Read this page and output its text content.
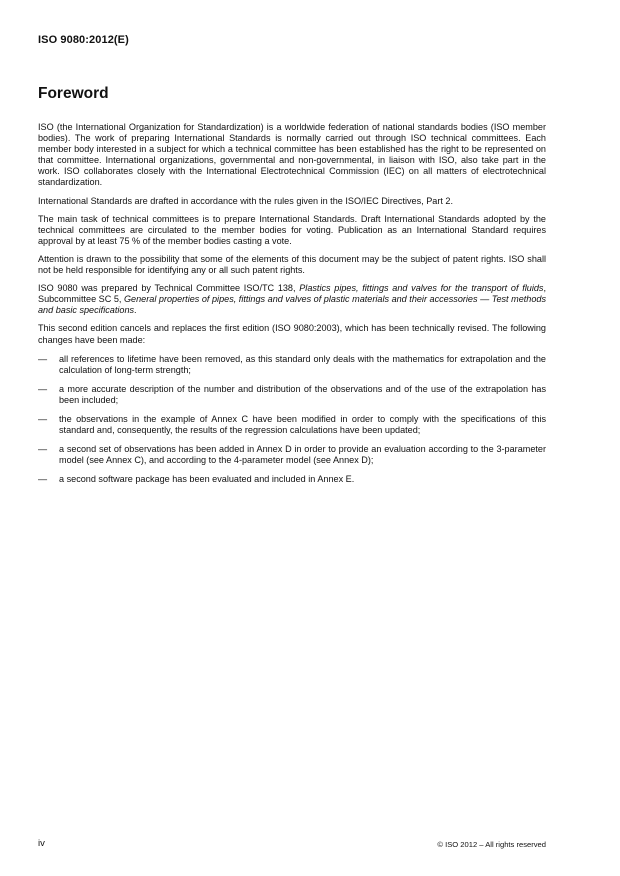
ISO 9080:2012(E)
Foreword

ISO (the International Organization for Standardization) is a worldwide federation of national standards bodies (ISO member bodies). The work of preparing International Standards is normally carried out through ISO technical committees. Each member body interested in a subject for which a technical committee has been established has the right to be represented on that committee. International organizations, governmental and non-governmental, in liaison with ISO, also take part in the work. ISO collaborates closely with the International Electrotechnical Commission (IEC) on all matters of electrotechnical standardization.

International Standards are drafted in accordance with the rules given in the ISO/IEC Directives, Part 2.

The main task of technical committees is to prepare International Standards. Draft International Standards adopted by the technical committees are circulated to the member bodies for voting. Publication as an International Standard requires approval by at least 75 % of the member bodies casting a vote.

Attention is drawn to the possibility that some of the elements of this document may be the subject of patent rights. ISO shall not be held responsible for identifying any or all such patent rights.

ISO 9080 was prepared by Technical Committee ISO/TC 138, Plastics pipes, fittings and valves for the transport of fluids, Subcommittee SC 5, General properties of pipes, fittings and valves of plastic materials and their accessories — Test methods and basic specifications.

This second edition cancels and replaces the first edition (ISO 9080:2003), which has been technically revised. The following changes have been made:

— all references to lifetime have been removed, as this standard only deals with the mathematics for extrapolation and the calculation of long-term strength;
— a more accurate description of the number and distribution of the observations and of the use of the extrapolation has been included;
— the observations in the example of Annex C have been modified in order to comply with the specifications of this standard and, consequently, the results of the regression calculations have been updated;
— a second set of observations has been added in Annex D in order to provide an evaluation according to the 3-parameter model (see Annex C), and according to the 4-parameter model (see Annex D);
— a second software package has been evaluated and included in Annex E.
iv	© ISO 2012 – All rights reserved
